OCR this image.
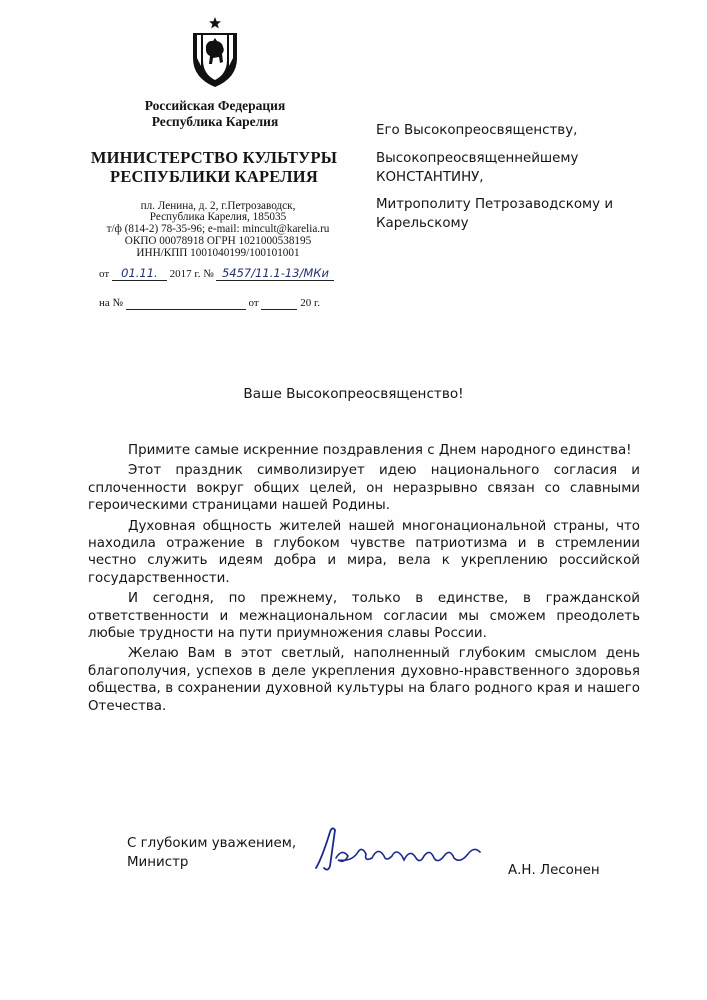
Российская Федерация
Республика Карелия
МИНИСТЕРСТВО КУЛЬТУРЫ
РЕСПУБЛИКИ КАРЕЛИЯ
пл. Ленина, д. 2, г.Петрозаводск,
Республика Карелия, 185035
т/ф (814-2) 78-35-96; e-mail: mincult@karelia.ru
ОКПО 00078918 ОГРН 1021000538195
ИНН/КПП 1001040199/100101001
от 01.11. 2017 г. № 5457/11.1-13/МКи
на №	от	20 г.
Его Высокопреосвященству,
Высокопреосвященнейшему
КОНСТАНТИНУ,
Митрополиту Петрозаводскому и
Карельскому
Ваше Высокопреосвященство!

Примите самые искренние поздравления с Днем народного единства!

Этот праздник символизирует идею национального согласия и сплоченности вокруг общих целей, он неразрывно связан со славными героическими страницами нашей Родины.

Духовная общность жителей нашей многонациональной страны, что находила отражение в глубоком чувстве патриотизма и в стремлении честно служить идеям добра и мира, вела к укреплению российской государственности.

И сегодня, по прежнему, только в единстве, в гражданской ответственности и межнациональном согласии мы сможем преодолеть любые трудности на пути приумножения славы России.

Желаю Вам в этот светлый, наполненный глубоким смыслом день благополучия, успехов в деле укрепления духовно-нравственного здоровья общества, в сохранении духовной культуры на благо родного края и нашего Отечества.

С глубоким уважением,
Министр
А.Н. Лесонен
